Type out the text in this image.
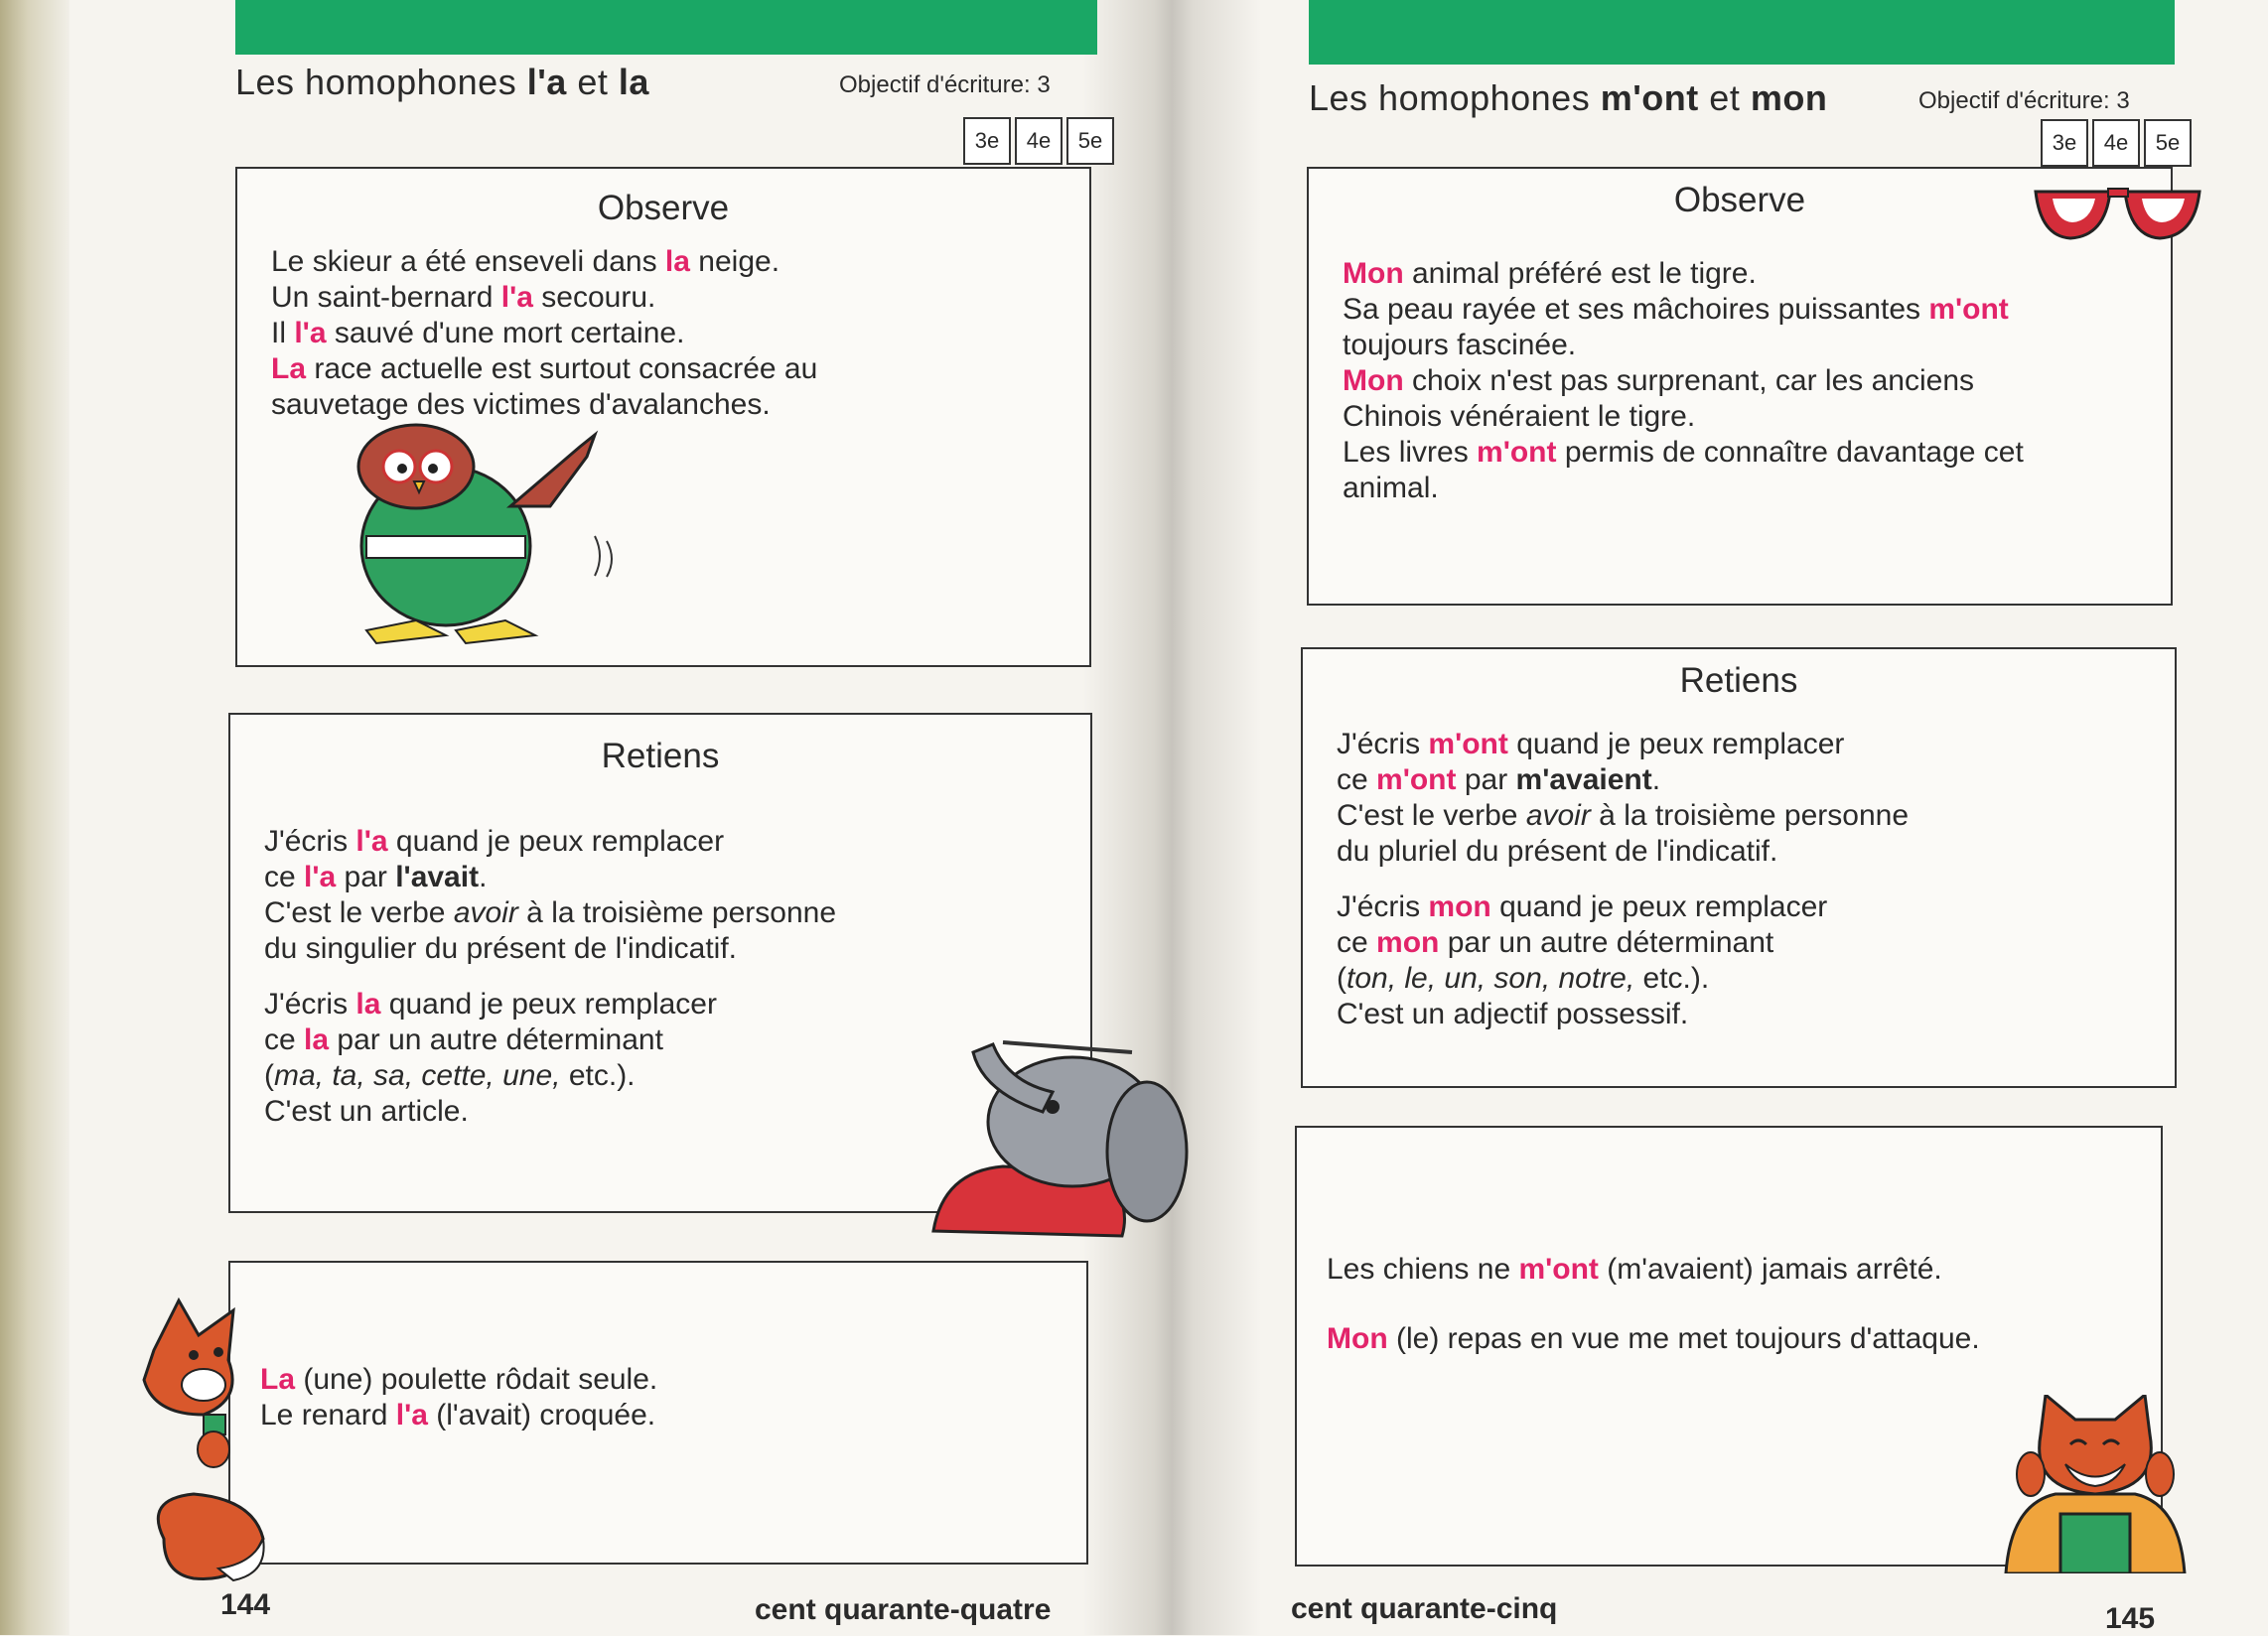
Les homophones l'a et la	Objectif d'écriture: 3
3e	4e	5e
Observe
Le skieur a été enseveli dans la neige.
Un saint-bernard l'a secouru.
Il l'a sauvé d'une mort certaine.
La race actuelle est surtout consacrée au
sauvetage des victimes d'avalanches.
Retiens
J'écris l'a quand je peux remplacer
ce l'a par l'avait.
C'est le verbe avoir à la troisième personne
du singulier du présent de l'indicatif.
J'écris la quand je peux remplacer
ce la par un autre déterminant
(ma, ta, sa, cette, une, etc.).
C'est un article.
La (une) poulette rôdait seule.
Le renard l'a (l'avait) croquée.
144	cent quarante-quatre
Les homophones m'ont et mon	Objectif d'écriture: 3
3e	4e	5e
Observe
Mon animal préféré est le tigre.
Sa peau rayée et ses mâchoires puissantes m'ont
toujours fascinée.
Mon choix n'est pas surprenant, car les anciens
Chinois vénéraient le tigre.
Les livres m'ont permis de connaître davantage cet
animal.
Retiens
J'écris m'ont quand je peux remplacer
ce m'ont par m'avaient.
C'est le verbe avoir à la troisième personne
du pluriel du présent de l'indicatif.
J'écris mon quand je peux remplacer
ce mon par un autre déterminant
(ton, le, un, son, notre, etc.).
C'est un adjectif possessif.
Les chiens ne m'ont (m'avaient) jamais arrêté.
Mon (le) repas en vue me met toujours d'attaque.
cent quarante-cinq	145
